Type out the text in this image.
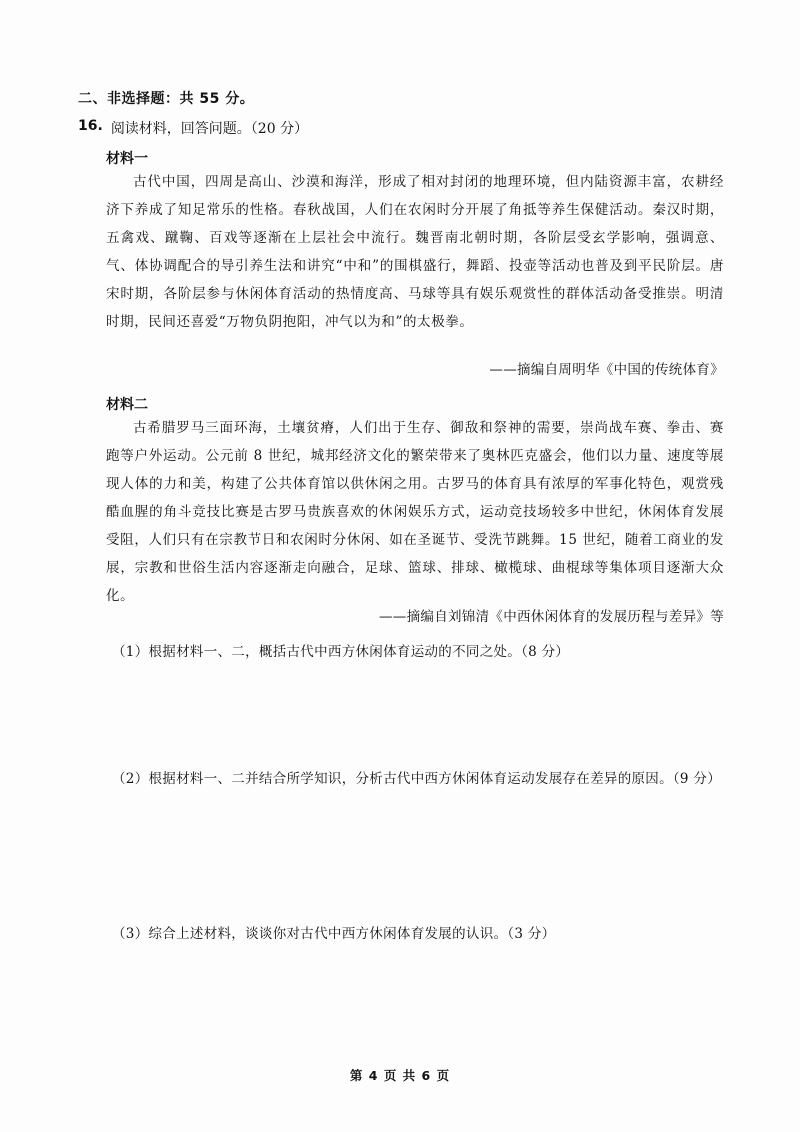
二、非选择题：共 55 分。
16. 阅读材料，回答问题。（20 分）
材料一
古代中国，四周是高山、沙漠和海洋，形成了相对封闭的地理环境，但内陆资源丰富，农耕经济下养成了知足常乐的性格。春秋战国，人们在农闲时分开展了角抵等养生保健活动。秦汉时期，五禽戏、蹴鞠、百戏等逐渐在上层社会中流行。魏晋南北朝时期，各阶层受玄学影响，强调意、气、体协调配合的导引养生法和讲究“中和”的围棋盛行，舞蹈、投壶等活动也普及到平民阶层。唐宋时期，各阶层参与休闲体育活动的热情度高、马球等具有娱乐观赏性的群体活动备受推崇。明清时期，民间还喜爱“万物负阴抱阳，冲气以为和”的太极拳。
——摘编自周明华《中国的传统体育》
材料二
古希腊罗马三面环海，土壤贫瘠，人们出于生存、御敌和祭神的需要，崇尚战车赛、拳击、赛跑等户外运动。公元前 8 世纪，城邦经济文化的繁荣带来了奥林匹克盛会，他们以力量、速度等展现人体的力和美，构建了公共体育馆以供休闲之用。古罗马的体育具有浓厚的军事化特色，观赏残酷血腥的角斗竞技比赛是古罗马贵族喜欢的休闲娱乐方式，运动竞技场较多中世纪，休闲体育发展受阻，人们只有在宗教节日和农闲时分休闲、如在圣诞节、受洗节跳舞。15 世纪，随着工商业的发展，宗教和世俗生活内容逐渐走向融合，足球、篮球、排球、橄榄球、曲棍球等集体项目逐渐大众化。
——摘编自刘锦清《中西休闲体育的发展历程与差异》等
（1）根据材料一、二，概括古代中西方休闲体育运动的不同之处。（8 分）
（2）根据材料一、二并结合所学知识，分析古代中西方休闲体育运动发展存在差异的原因。（9 分）
（3）综合上述材料，谈谈你对古代中西方休闲体育发展的认识。（3 分）
第 4 页 共 6 页
